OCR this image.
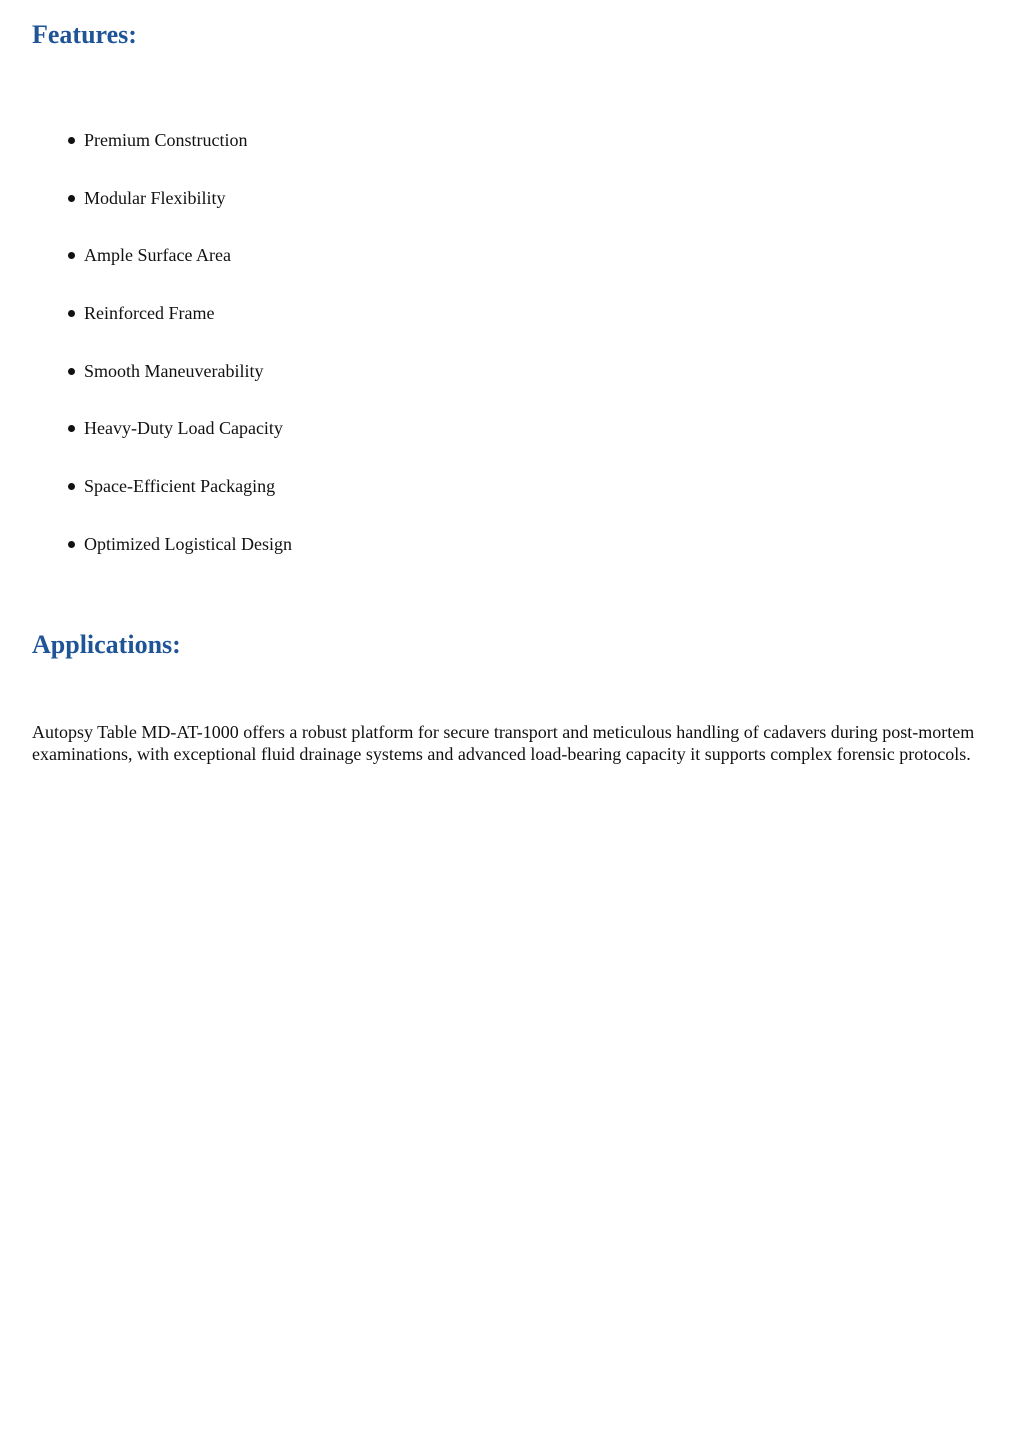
Features:
Premium Construction
Modular Flexibility
Ample Surface Area
Reinforced Frame
Smooth Maneuverability
Heavy-Duty Load Capacity
Space-Efficient Packaging
Optimized Logistical Design
Applications:

Autopsy Table MD-AT-1000 offers a robust platform for secure transport and meticulous handling of cadavers during post-mortem examinations, with exceptional fluid drainage systems and advanced load-bearing capacity it supports complex forensic protocols.
